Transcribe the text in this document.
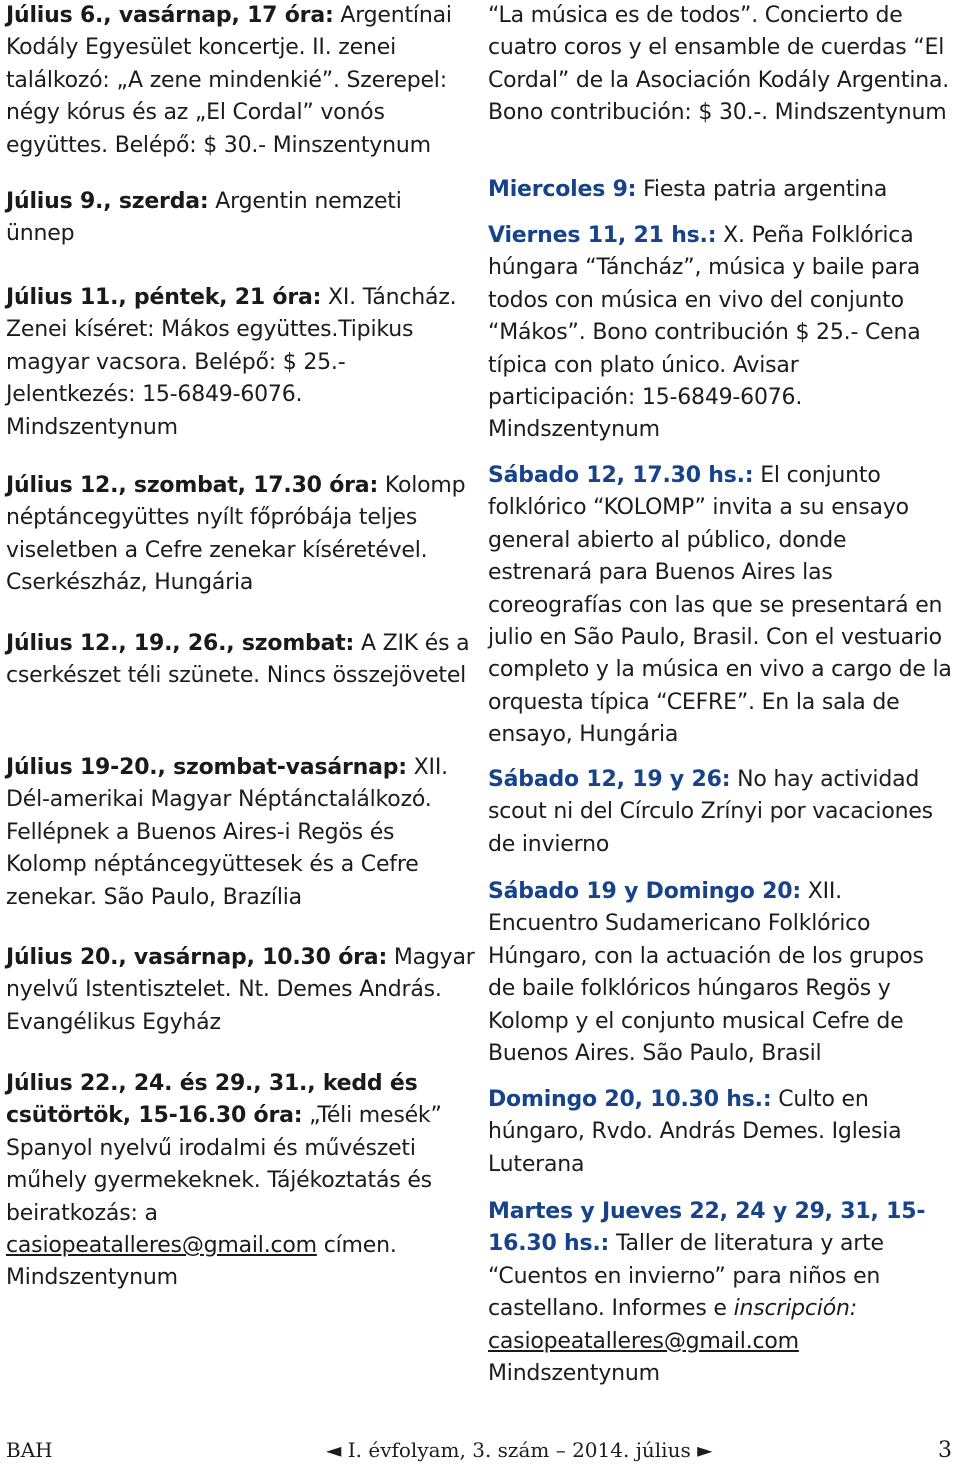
Július 6., vasárnap, 17 óra: Argentínai Kodály Egyesület koncertje. II. zenei találkozó: „A zene mindenkié”. Szerepel: négy kórus és az „El Cordal” vonós együttes. Belépő: $ 30.- Minszentynum

Július 9., szerda: Argentin nemzeti ünnep

Július 11., péntek, 21 óra: XI. Táncház. Zenei kíséret: Mákos együttes.Tipikus magyar vacsora. Belépő: $ 25.- Jelentkezés: 15-6849-6076. Mindszentynum

Július 12., szombat, 17.30 óra: Kolomp néptáncegyüttes nyílt főpróbája teljes viseletben a Cefre zenekar kíséretével. Cserkészház, Hungária

Július 12., 19., 26., szombat: A ZIK és a cserkészet téli szünete. Nincs összejövetel

Július 19-20., szombat-vasárnap: XII. Dél-amerikai Magyar Néptánctalálkozó. Fellépnek a Buenos Aires-i Regös és Kolomp néptáncegyüttesek és a Cefre zenekar. São Paulo, Brazília

Július 20., vasárnap, 10.30 óra: Magyar nyelvű Istentisztelet. Nt. Demes András. Evangélikus Egyház

Július 22., 24. és 29., 31., kedd és csütörtök, 15-16.30 óra: „Téli mesék” Spanyol nyelvű irodalmi és művészeti műhely gyermekeknek. Tájékoztatás és beiratkozás: a casiopeatalleres@gmail.com címen. Mindszentynum

“La música es de todos”. Concierto de cuatro coros y el ensamble de cuerdas “El Cordal” de la Asociación Kodály Argentina. Bono contribución: $ 30.-. Mindszentynum

Miercoles 9: Fiesta patria argentina

Viernes 11, 21 hs.: X. Peña Folklórica húngara “Táncház”, música y baile para todos con música en vivo del conjunto “Mákos”. Bono contribución $ 25.- Cena típica con plato único. Avisar participación: 15-6849-6076. Mindszentynum

Sábado 12, 17.30 hs.: El conjunto folklórico “KOLOMP” invita a su ensayo general abierto al público, donde estrenará para Buenos Aires las coreografías con las que se presentará en julio en São Paulo, Brasil. Con el vestuario completo y la música en vivo a cargo de la orquesta típica “CEFRE”. En la sala de ensayo, Hungária

Sábado 12, 19 y 26: No hay actividad scout ni del Círculo Zrínyi por vacaciones de invierno

Sábado 19 y Domingo 20: XII. Encuentro Sudamericano Folklórico Húngaro, con la actuación de los grupos de baile folklóricos húngaros Regös y Kolomp y el conjunto musical Cefre de Buenos Aires. São Paulo, Brasil

Domingo 20, 10.30 hs.: Culto en húngaro, Rvdo. András Demes. Iglesia Luterana

Martes y Jueves 22, 24 y 29, 31, 15-16.30 hs.: Taller de literatura y arte “Cuentos en invierno” para niños en castellano. Informes e inscripción:
casiopeatalleres@gmail.com
Mindszentynum

BAH	◄ I. évfolyam, 3. szám – 2014. július ►	3
